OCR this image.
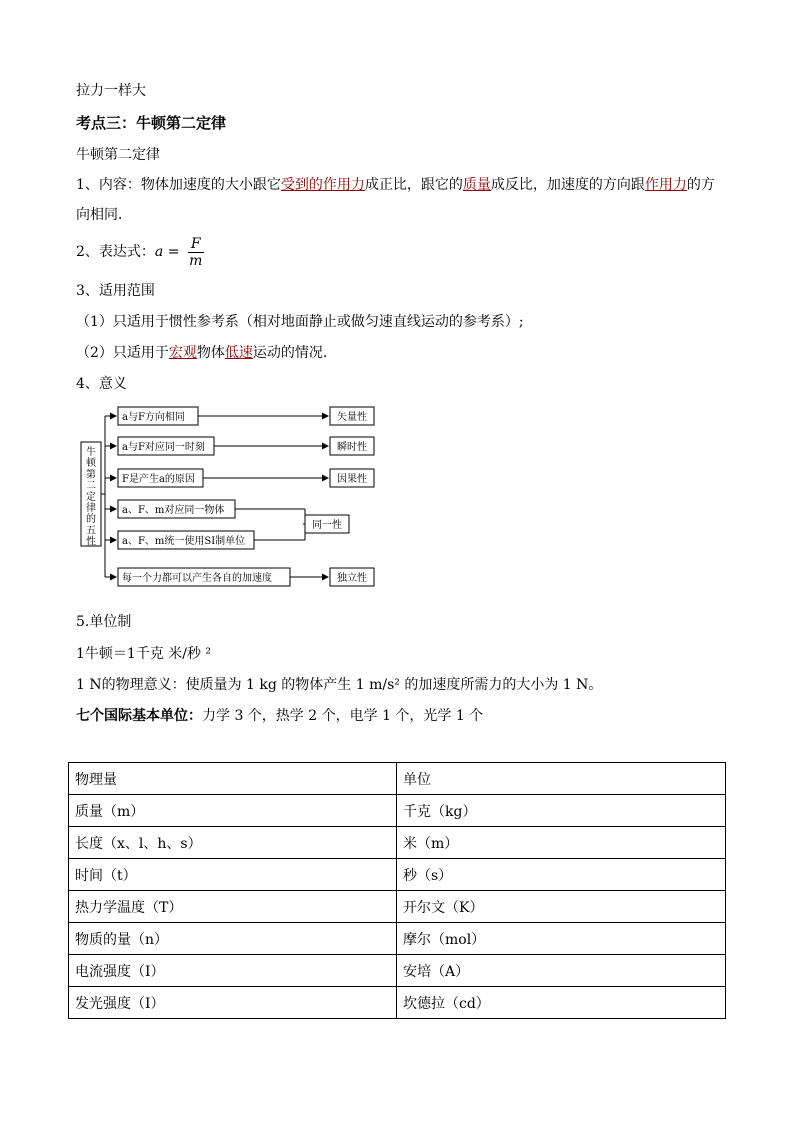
拉力一样大
考点三：牛顿第二定律
牛顿第二定律
1、内容：物体加速度的大小跟它受到的作用力成正比，跟它的质量成反比，加速度的方向跟作用力的方
向相同．
2、表达式：$a = \frac{F}{m}$
3、适用范围
（1）只适用于惯性参考系（相对地面静止或做匀速直线运动的参考系）;
（2）只适用于宏观物体低速运动的情况．
4、意义
牛
顿
第
二
定
律
的
五
性
a与F方向相同
a与F对应同一时刻
F是产生a的原因
a、F、m对应同一物体
a、F、m统一使用SI制单位
每一个力都可以产生各自的加速度
矢量性
瞬时性
因果性
同一性
独立性
5.单位制
1牛顿＝1千克 米/秒 ²
1 N的物理意义：使质量为 1 kg 的物体产生 1 m/s² 的加速度所需力的大小为 1 N。
七个国际基本单位：力学 3 个，热学 2 个，电学 1 个，光学 1 个
物理量	单位
质量（m）	千克（kg）
长度（x、l、h、s）	米（m）
时间（t）	秒（s）
热力学温度（T）	开尔文（K）
物质的量（n）	摩尔（mol）
电流强度（I）	安培（A）
发光强度（I）	坎德拉（cd）
